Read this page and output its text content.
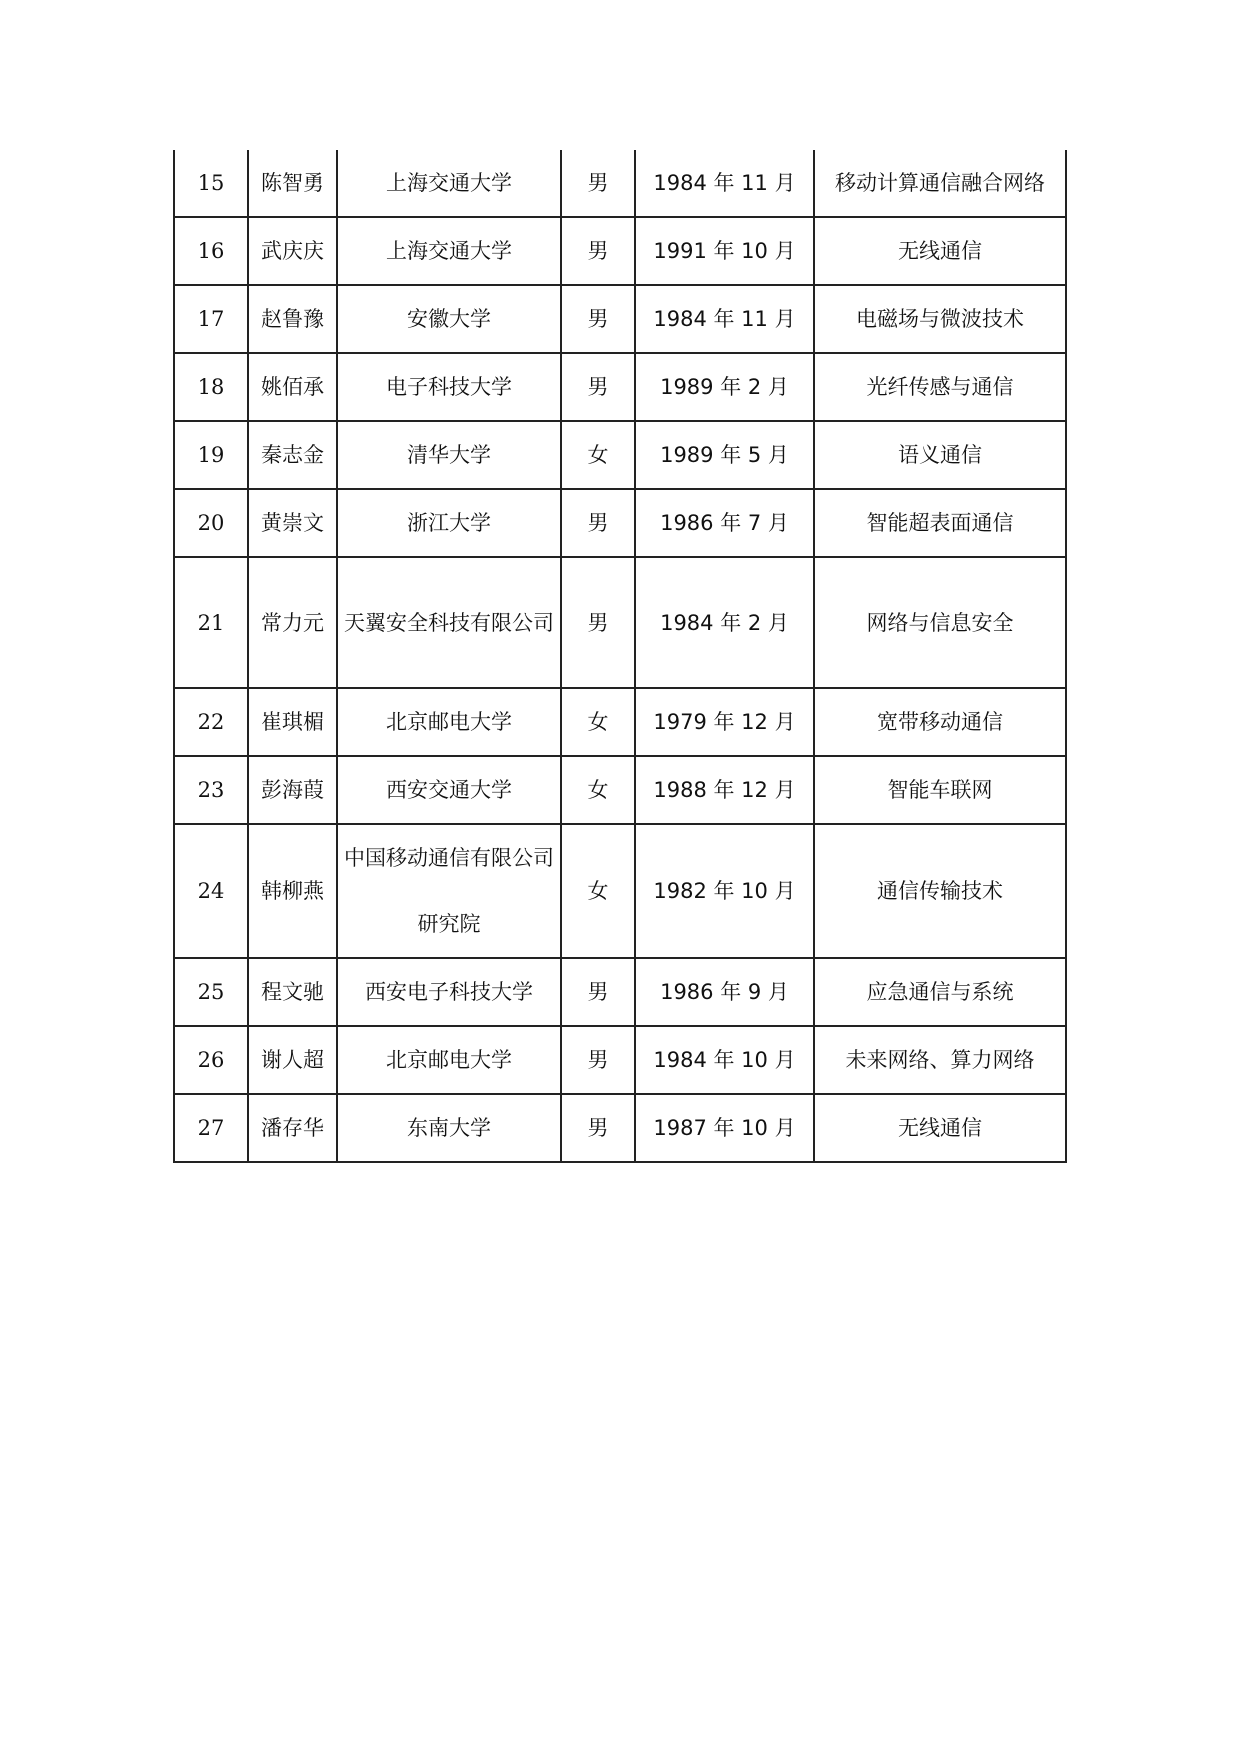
15	陈智勇	上海交通大学	男	1984 年 11 月	移动计算通信融合网络
16	武庆庆	上海交通大学	男	1991 年 10 月	无线通信
17	赵鲁豫	安徽大学	男	1984 年 11 月	电磁场与微波技术
18	姚佰承	电子科技大学	男	1989 年 2 月	光纤传感与通信
19	秦志金	清华大学	女	1989 年 5 月	语义通信
20	黄崇文	浙江大学	男	1986 年 7 月	智能超表面通信
21	常力元	天翼安全科技有限公司	男	1984 年 2 月	网络与信息安全
22	崔琪楣	北京邮电大学	女	1979 年 12 月	宽带移动通信
23	彭海葭	西安交通大学	女	1988 年 12 月	智能车联网
24	韩柳燕	中国移动通信有限公司研究院	女	1982 年 10 月	通信传输技术
25	程文驰	西安电子科技大学	男	1986 年 9 月	应急通信与系统
26	谢人超	北京邮电大学	男	1984 年 10 月	未来网络、算力网络
27	潘存华	东南大学	男	1987 年 10 月	无线通信
